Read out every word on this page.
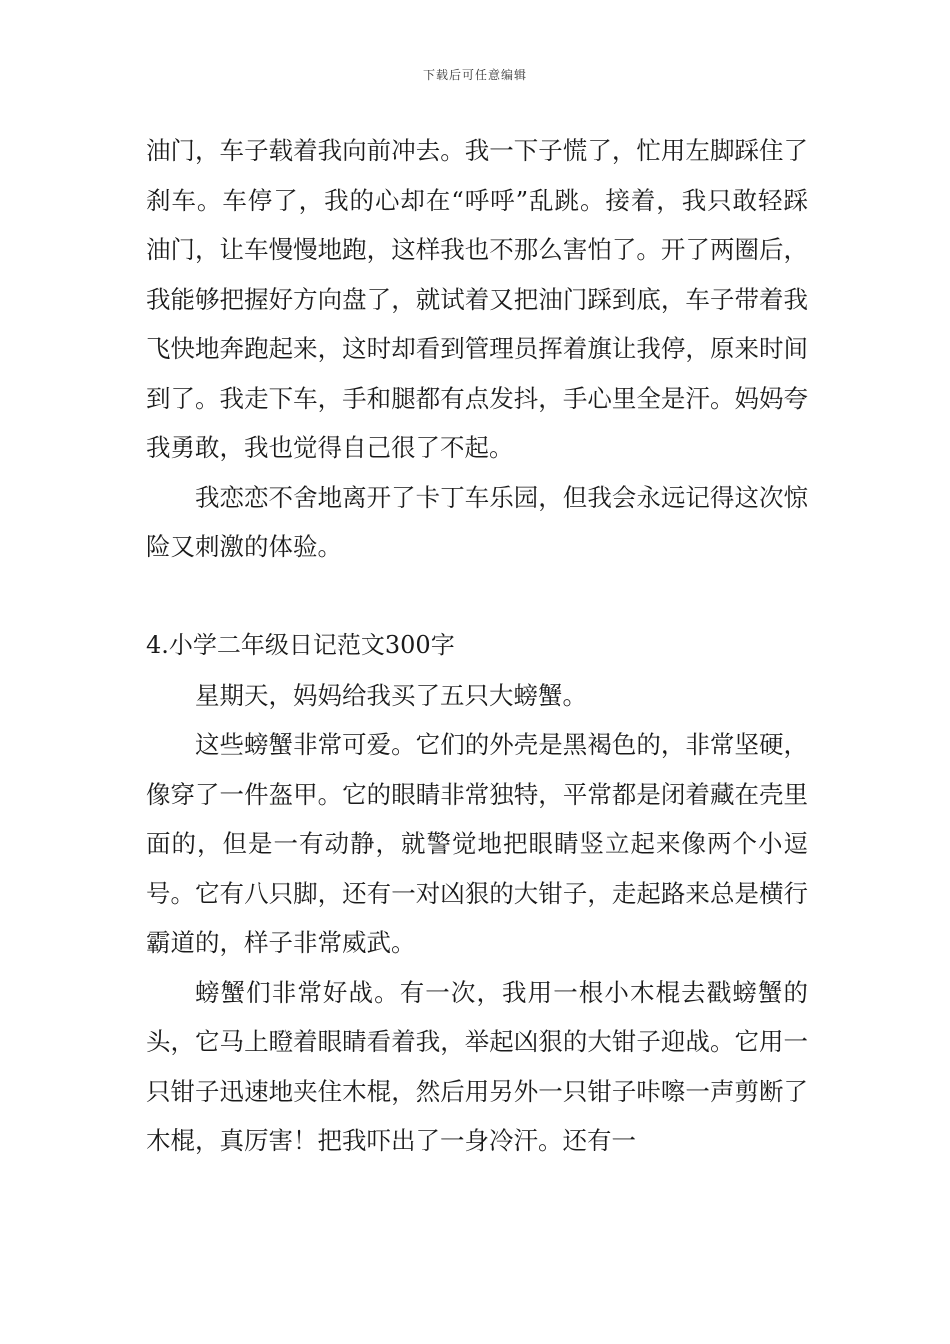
下载后可任意编辑

油门，车子载着我向前冲去。我一下子慌了，忙用左脚踩住了刹车。车停了，我的心却在“呼呼”乱跳。接着，我只敢轻踩油门，让车慢慢地跑，这样我也不那么害怕了。开了两圈后，我能够把握好方向盘了，就试着又把油门踩到底，车子带着我飞快地奔跑起来，这时却看到管理员挥着旗让我停，原来时间到了。我走下车，手和腿都有点发抖，手心里全是汗。妈妈夸我勇敢，我也觉得自己很了不起。

我恋恋不舍地离开了卡丁车乐园，但我会永远记得这次惊险又刺激的体验。

4.小学二年级日记范文300字

星期天，妈妈给我买了五只大螃蟹。

这些螃蟹非常可爱。它们的外壳是黑褐色的，非常坚硬，像穿了一件盔甲。它的眼睛非常独特，平常都是闭着藏在壳里面的，但是一有动静，就警觉地把眼睛竖立起来像两个小逗号。它有八只脚，还有一对凶狠的大钳子，走起路来总是横行霸道的，样子非常威武。

螃蟹们非常好战。有一次，我用一根小木棍去戳螃蟹的头，它马上瞪着眼睛看着我，举起凶狠的大钳子迎战。它用一只钳子迅速地夹住木棍，然后用另外一只钳子咔嚓一声剪断了木棍，真厉害！把我吓出了一身冷汗。还有一
